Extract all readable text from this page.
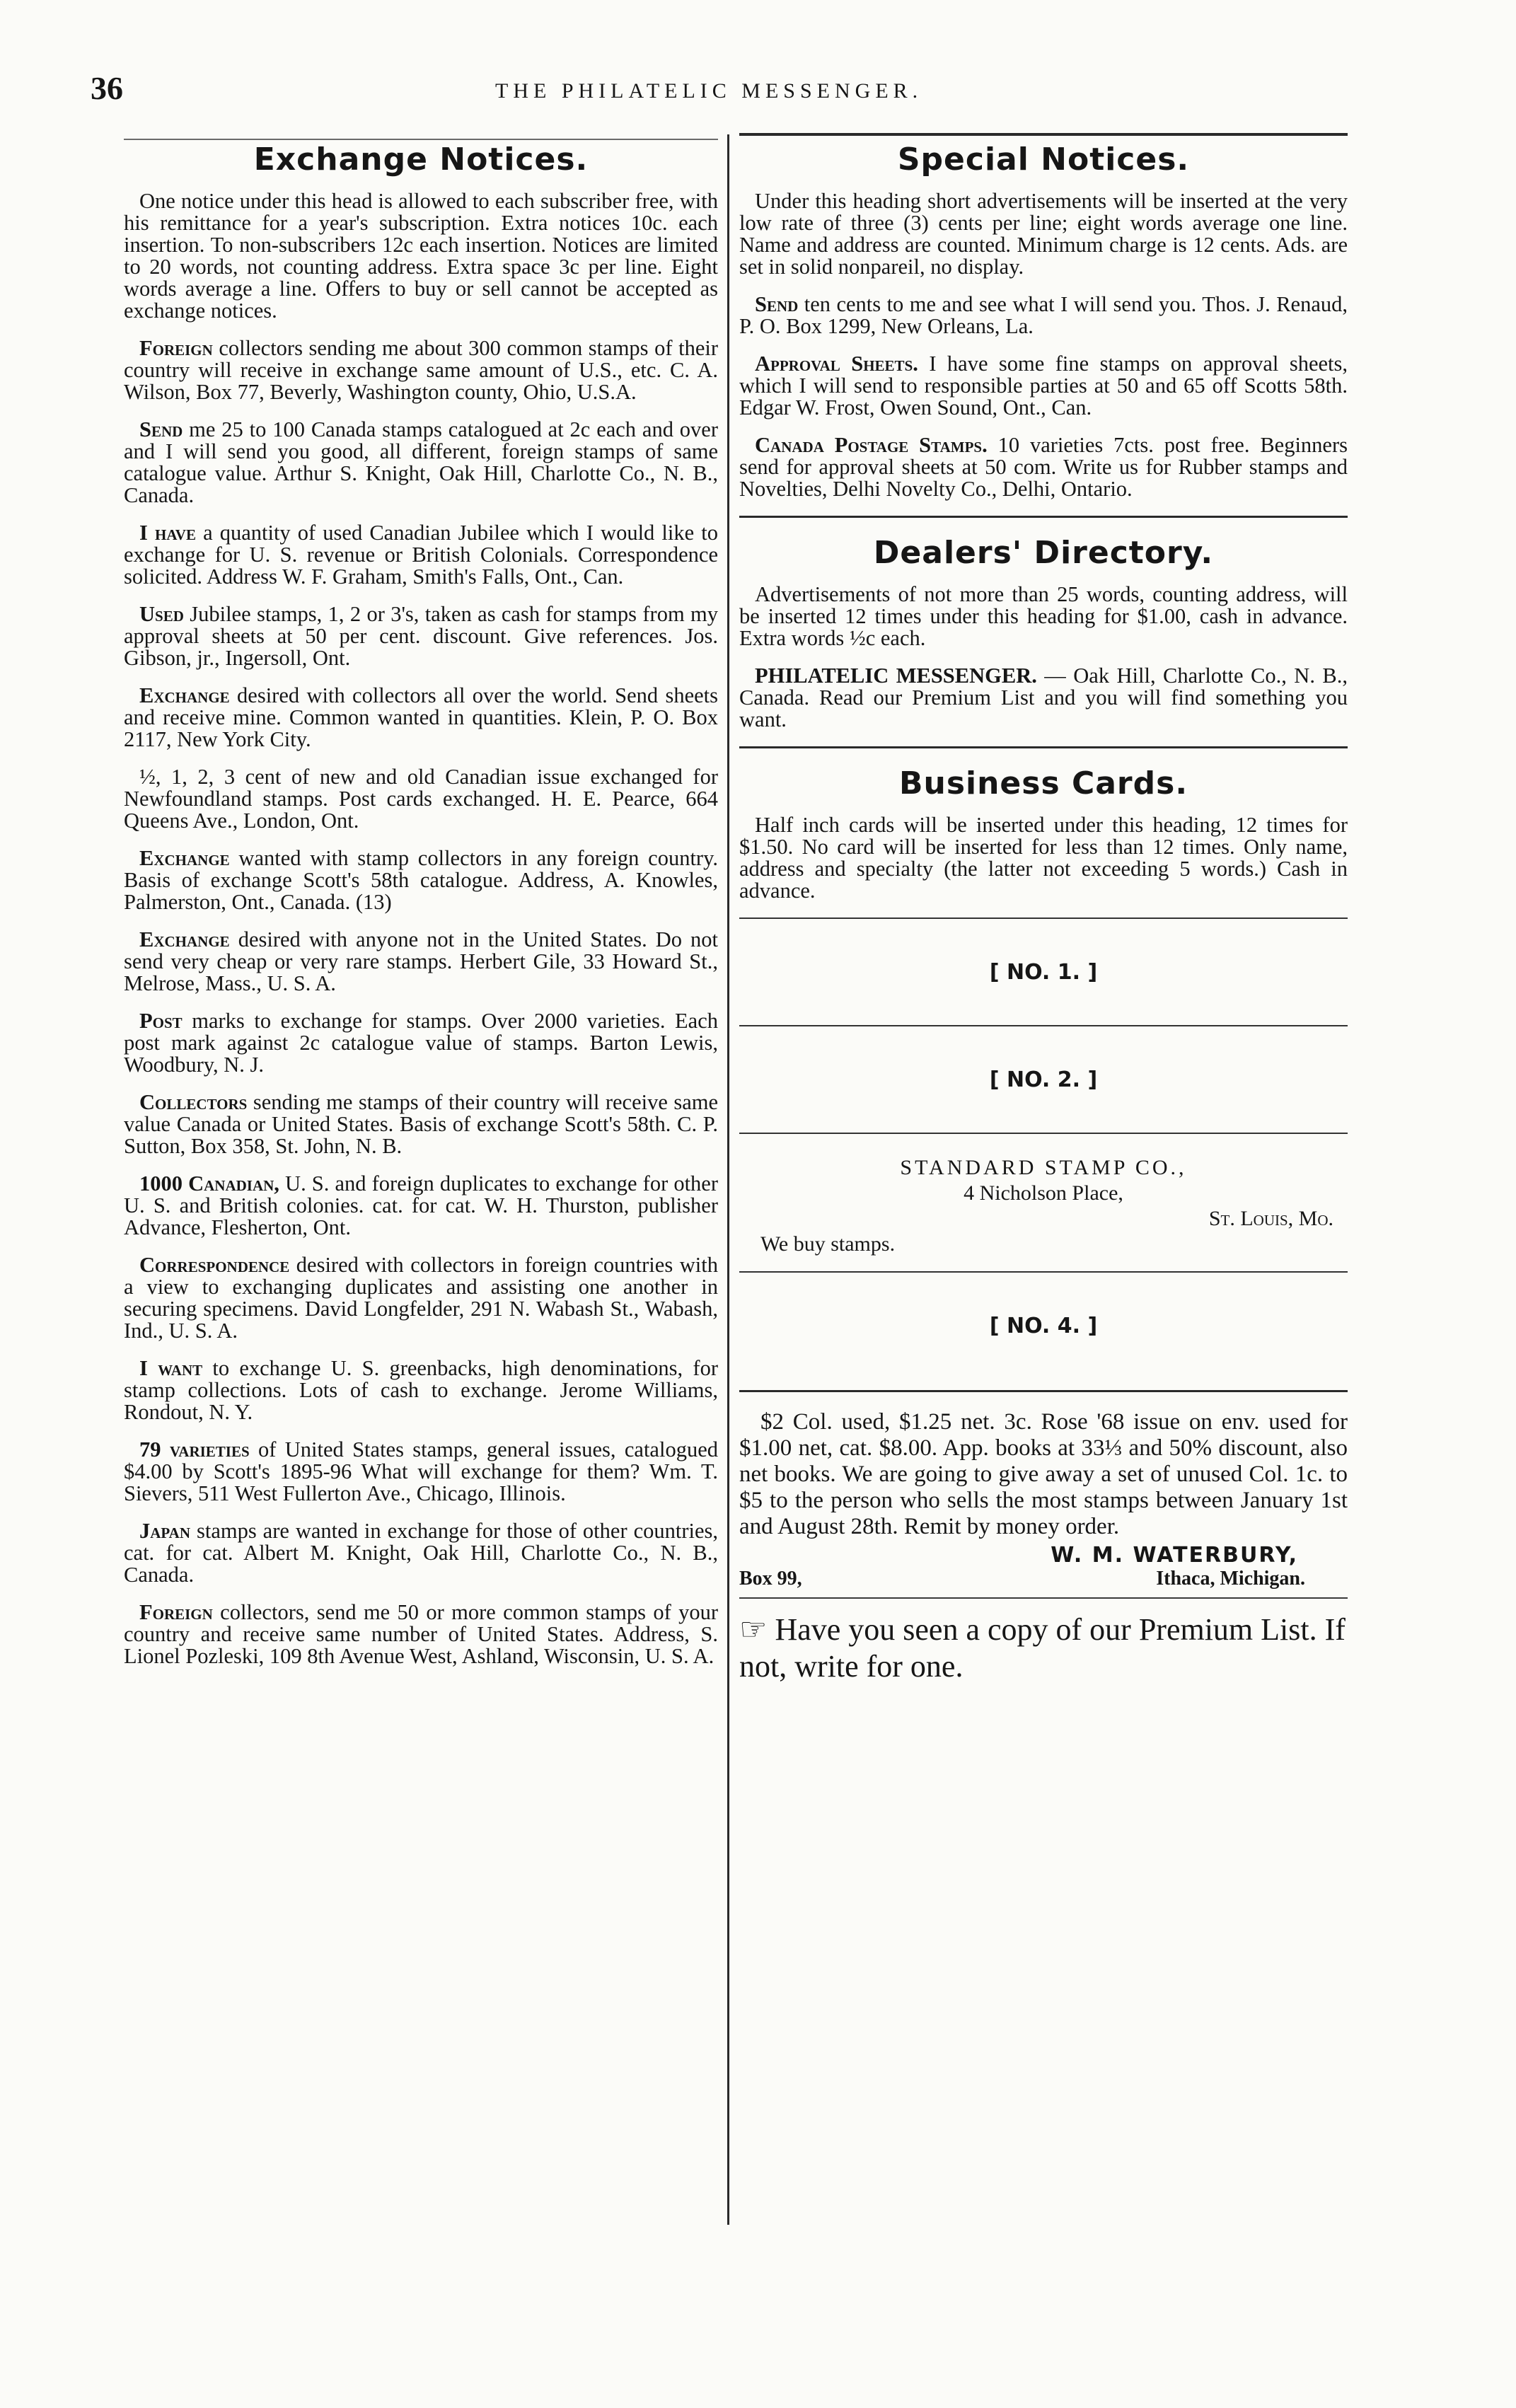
36	THE PHILATELIC MESSENGER.
Exchange Notices.

One notice under this head is allowed to each subscriber free, with his remittance for a year's subscription. Extra notices 10c. each insertion. To non-subscribers 12c each insertion. Notices are limited to 20 words, not counting address. Extra space 3c per line. Eight words average a line. Offers to buy or sell cannot be accepted as exchange notices.

Foreign collectors sending me about 300 common stamps of their country will receive in exchange same amount of U.S., etc. C. A. Wilson, Box 77, Beverly, Washington county, Ohio, U.S.A.

Send me 25 to 100 Canada stamps catalogued at 2c each and over and I will send you good, all different, foreign stamps of same catalogue value. Arthur S. Knight, Oak Hill, Charlotte Co., N. B., Canada.

I have a quantity of used Canadian Jubilee which I would like to exchange for U. S. revenue or British Colonials. Correspondence solicited. Address W. F. Graham, Smith's Falls, Ont., Can.

Used Jubilee stamps, 1, 2 or 3's, taken as cash for stamps from my approval sheets at 50 per cent. discount. Give references. Jos. Gibson, jr., Ingersoll, Ont.

Exchange desired with collectors all over the world. Send sheets and receive mine. Common wanted in quantities. Klein, P. O. Box 2117, New York City.

½, 1, 2, 3 cent of new and old Canadian issue exchanged for Newfoundland stamps. Post cards exchanged. H. E. Pearce, 664 Queens Ave., London, Ont.

Exchange wanted with stamp collectors in any foreign country. Basis of exchange Scott's 58th catalogue. Address, A. Knowles, Palmerston, Ont., Canada. (13)

Exchange desired with anyone not in the United States. Do not send very cheap or very rare stamps. Herbert Gile, 33 Howard St., Melrose, Mass., U. S. A.

Post marks to exchange for stamps. Over 2000 varieties. Each post mark against 2c catalogue value of stamps. Barton Lewis, Woodbury, N. J.

Collectors sending me stamps of their country will receive same value Canada or United States. Basis of exchange Scott's 58th. C. P. Sutton, Box 358, St. John, N. B.

1000 Canadian, U. S. and foreign duplicates to exchange for other U. S. and British colonies. cat. for cat. W. H. Thurston, publisher Advance, Flesherton, Ont.

Correspondence desired with collectors in foreign countries with a view to exchanging duplicates and assisting one another in securing specimens. David Longfelder, 291 N. Wabash St., Wabash, Ind., U. S. A.

I want to exchange U. S. greenbacks, high denominations, for stamp collections. Lots of cash to exchange. Jerome Williams, Rondout, N. Y.

79 varieties of United States stamps, general issues, catalogued $4.00 by Scott's 1895-96 What will exchange for them? Wm. T. Sievers, 511 West Fullerton Ave., Chicago, Illinois.

Japan stamps are wanted in exchange for those of other countries, cat. for cat. Albert M. Knight, Oak Hill, Charlotte Co., N. B., Canada.

Foreign collectors, send me 50 or more common stamps of your country and receive same number of United States. Address, S. Lionel Pozleski, 109 8th Avenue West, Ashland, Wisconsin, U. S. A.

Special Notices.

Under this heading short advertisements will be inserted at the very low rate of three (3) cents per line; eight words average one line. Name and address are counted. Minimum charge is 12 cents. Ads. are set in solid nonpareil, no display.

Send ten cents to me and see what I will send you. Thos. J. Renaud, P. O. Box 1299, New Orleans, La.

Approval Sheets. I have some fine stamps on approval sheets, which I will send to responsible parties at 50 and 65 off Scotts 58th. Edgar W. Frost, Owen Sound, Ont., Can.

Canada Postage Stamps. 10 varieties 7cts. post free. Beginners send for approval sheets at 50 com. Write us for Rubber stamps and Novelties, Delhi Novelty Co., Delhi, Ontario.

Dealers' Directory.

Advertisements of not more than 25 words, counting address, will be inserted 12 times under this heading for $1.00, cash in advance. Extra words ½c each.

PHILATELIC MESSENGER. — Oak Hill, Charlotte Co., N. B., Canada. Read our Premium List and you will find something you want.

Business Cards.

Half inch cards will be inserted under this heading, 12 times for $1.50. No card will be inserted for less than 12 times. Only name, address and specialty (the latter not exceeding 5 words.) Cash in advance.

[ NO. 1. ]
[ NO. 2. ]
STANDARD STAMP CO.,
4 Nicholson Place,
St. Louis, Mo.
We buy stamps.
[ NO. 4. ]

$2 Col. used, $1.25 net. 3c. Rose '68 issue on env. used for $1.00 net, cat. $8.00. App. books at 33⅓ and 50% discount, also net books. We are going to give away a set of unused Col. 1c. to $5 to the person who sells the most stamps between January 1st and August 28th. Remit by money order.

W. M. WATERBURY,
Box 99,	Ithaca, Michigan.
☞ Have you seen a copy of our Premium List. If not, write for one.
